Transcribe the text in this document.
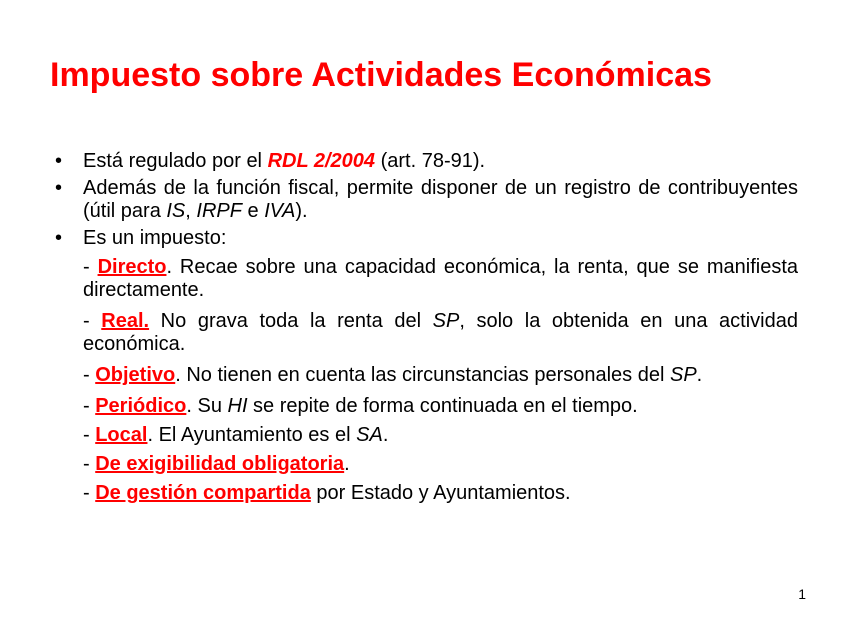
Impuesto sobre Actividades Económicas
• Está regulado por el RDL 2/2004 (art. 78-91).
• Además de la función fiscal, permite disponer de un registro de contribuyentes (útil para IS, IRPF e IVA).
• Es un impuesto:
- Directo. Recae sobre una capacidad económica, la renta, que se manifiesta directamente.
- Real. No grava toda la renta del SP, solo la obtenida en una actividad económica.
- Objetivo. No tienen en cuenta las circunstancias personales del SP.
- Periódico. Su HI se repite de forma continuada en el tiempo.
- Local. El Ayuntamiento es el SA.
- De exigibilidad obligatoria.
- De gestión compartida por Estado y Ayuntamientos.
1
